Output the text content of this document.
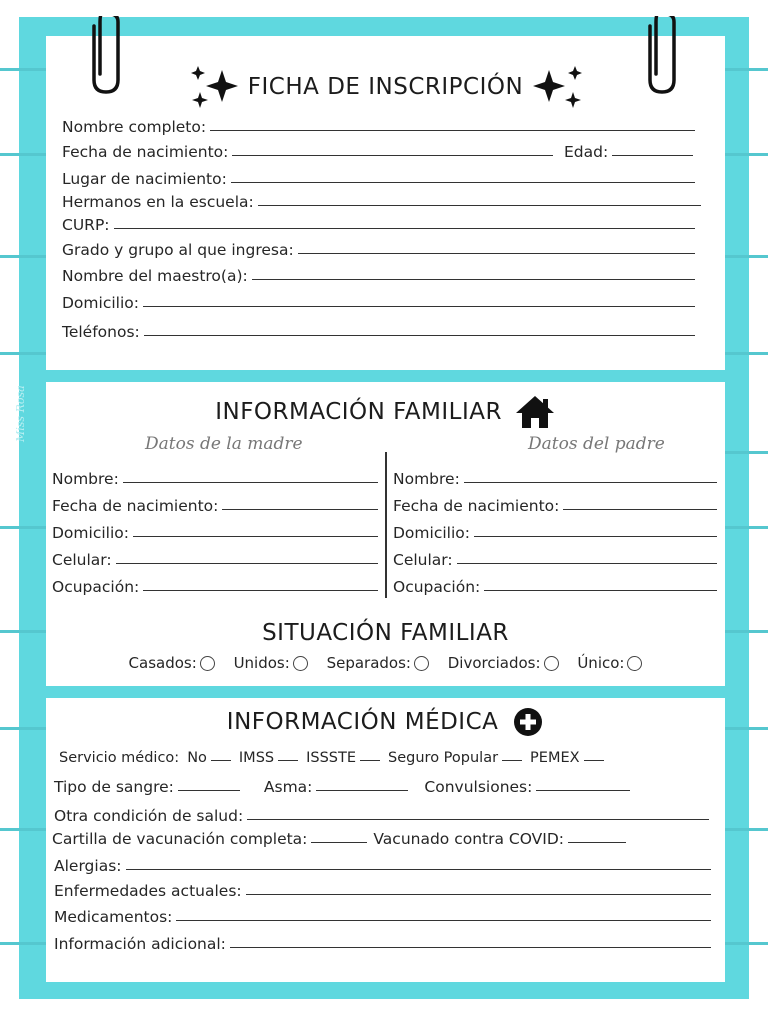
Miss Rosa
FICHA DE INSCRIPCIÓN
Nombre completo:
Fecha de nacimiento:	Edad:
Lugar de nacimiento:
Hermanos en la escuela:
CURP:
Grado y grupo al que ingresa:
Nombre del maestro(a):
Domicilio:
Teléfonos:
INFORMACIÓN FAMILIAR
Datos de la madre	Datos del padre
Nombre:
Fecha de nacimiento:
Domicilio:
Celular:
Ocupación:
Nombre:
Fecha de nacimiento:
Domicilio:
Celular:
Ocupación:
SITUACIÓN FAMILIAR
Casados:
Unidos:
Separados:
Divorciados:
Único:
INFORMACIÓN MÉDICA
Servicio médico: No IMSS ISSSTE Seguro Popular PEMEX
Tipo de sangre:	Asma:	Convulsiones:
Otra condición de salud:
Cartilla de vacunación completa:	Vacunado contra COVID:
Alergias:
Enfermedades actuales:
Medicamentos:
Información adicional:
